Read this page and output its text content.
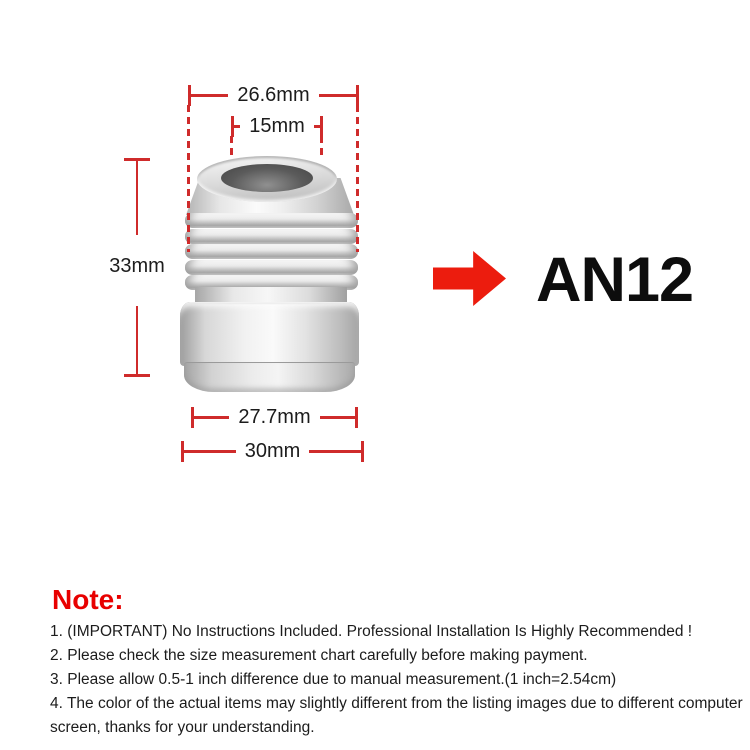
26.6mm
15mm
33mm
27.7mm
30mm
AN12
Note:
1. (IMPORTANT) No Instructions Included. Professional Installation Is Highly Recommended !
2. Please check the size measurement chart carefully before making payment.
3. Please allow 0.5-1 inch difference due to manual measurement.(1 inch=2.54cm)
4. The color of the actual items may slightly different from the listing images due to different computer screen, thanks for your understanding.
